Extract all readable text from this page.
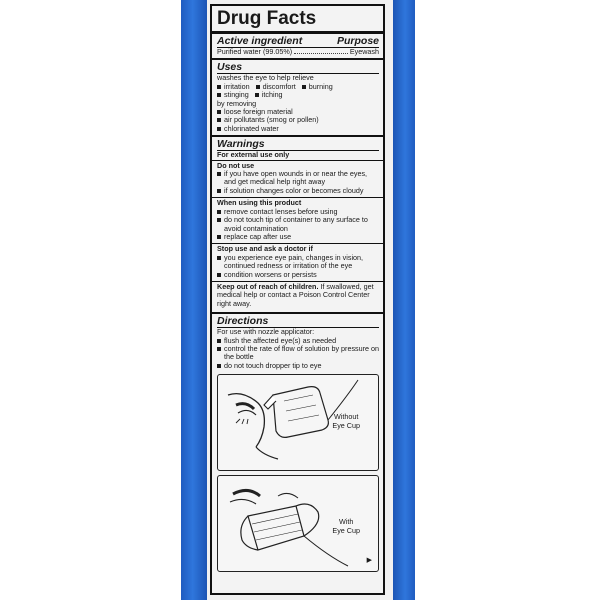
Drug Facts
Active ingredient	Purpose
Purified water (99.05%)	Eyewash
Uses
washes the eye to help relieve
irritation	discomfort	burning
stinging	itching
by removing
loose foreign material
air pollutants (smog or pollen)
chlorinated water
Warnings
For external use only
Do not use
if you have open wounds in or near the eyes, and get medical help right away
if solution changes color or becomes cloudy
When using this product
remove contact lenses before using
do not touch tip of container to any surface to avoid contamination
replace cap after use
Stop use and ask a doctor if
you experience eye pain, changes in vision, continued redness or irritation of the eye
condition worsens or persists
Keep out of reach of children. If swallowed, get medical help or contact a Poison Control Center right away.
Directions
For use with nozzle applicator:
flush the affected eye(s) as needed
control the rate of flow of solution by pressure on the bottle
do not touch dropper tip to eye
Without
Eye Cup
With
Eye Cup
▶
